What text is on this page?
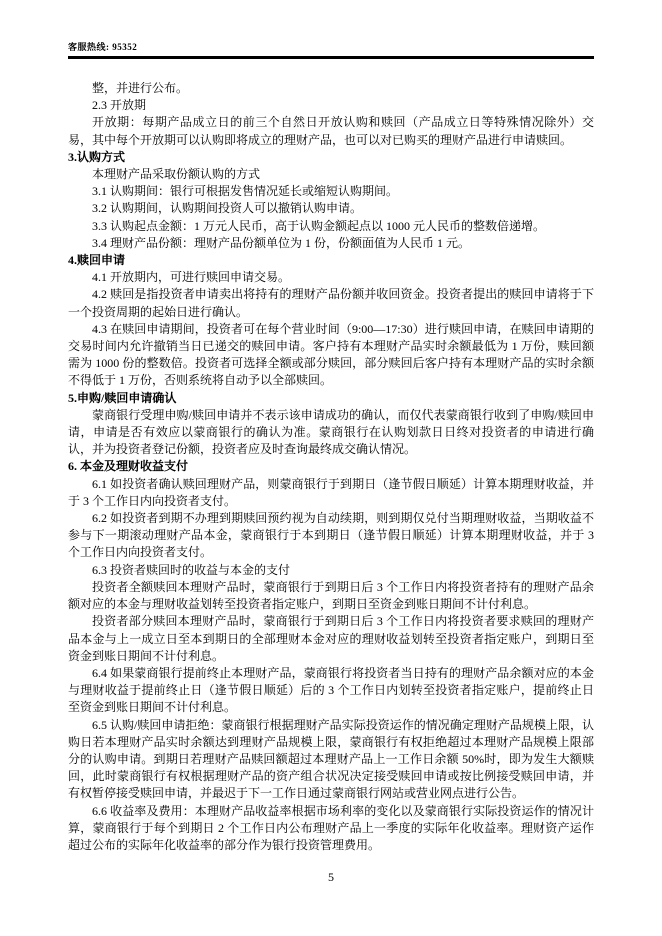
客服热线: 95352

整，并进行公布。

2.3 开放期

开放期：每期产品成立日的前三个自然日开放认购和赎回（产品成立日等特殊情况除外）交易，其中每个开放期可以认购即将成立的理财产品，也可以对已购买的理财产品进行申请赎回。

3.认购方式

本理财产品采取份额认购的方式

3.1 认购期间：银行可根据发售情况延长或缩短认购期间。

3.2 认购期间，认购期间投资人可以撤销认购申请。

3.3 认购起点金额：1 万元人民币，高于认购金额起点以 1000 元人民币的整数倍递增。

3.4 理财产品份额：理财产品份额单位为 1 份，份额面值为人民币 1 元。

4.赎回申请

4.1 开放期内，可进行赎回申请交易。

4.2 赎回是指投资者申请卖出将持有的理财产品份额并收回资金。投资者提出的赎回申请将于下一个投资周期的起始日进行确认。

4.3 在赎回申请期间，投资者可在每个营业时间（9:00—17:30）进行赎回申请，在赎回申请期的交易时间内允许撤销当日已递交的赎回申请。客户持有本理财产品实时余额最低为 1 万份，赎回额需为 1000 份的整数倍。投资者可选择全额或部分赎回，部分赎回后客户持有本理财产品的实时余额不得低于 1 万份，否则系统将自动予以全部赎回。

5.申购/赎回申请确认

蒙商银行受理申购/赎回申请并不表示该申请成功的确认，而仅代表蒙商银行收到了申购/赎回申请，申请是否有效应以蒙商银行的确认为准。蒙商银行在认购划款日日终对投资者的申请进行确认，并为投资者登记份额，投资者应及时查询最终成交确认情况。

6. 本金及理财收益支付

6.1 如投资者确认赎回理财产品，则蒙商银行于到期日（逢节假日顺延）计算本期理财收益，并于 3 个工作日内向投资者支付。

6.2 如投资者到期不办理到期赎回预约视为自动续期，则到期仅兑付当期理财收益，当期收益不参与下一期滚动理财产品本金，蒙商银行于本到期日（逢节假日顺延）计算本期理财收益，并于 3 个工作日内向投资者支付。

6.3 投资者赎回时的收益与本金的支付

投资者全额赎回本理财产品时，蒙商银行于到期日后 3 个工作日内将投资者持有的理财产品余额对应的本金与理财收益划转至投资者指定账户，到期日至资金到账日期间不计付利息。

投资者部分赎回本理财产品时，蒙商银行于到期日后 3 个工作日内将投资者要求赎回的理财产品本金与上一成立日至本到期日的全部理财本金对应的理财收益划转至投资者指定账户，到期日至资金到账日期间不计付利息。

6.4 如果蒙商银行提前终止本理财产品，蒙商银行将投资者当日持有的理财产品余额对应的本金与理财收益于提前终止日（逢节假日顺延）后的 3 个工作日内划转至投资者指定账户，提前终止日至资金到账日期间不计付利息。

6.5 认购/赎回申请拒绝：蒙商银行根据理财产品实际投资运作的情况确定理财产品规模上限，认购日若本理财产品实时余额达到理财产品规模上限，蒙商银行有权拒绝超过本理财产品规模上限部分的认购申请。到期日若理财产品赎回额超过本理财产品上一工作日余额 50%时，即为发生大额赎回，此时蒙商银行有权根据理财产品的资产组合状况决定接受赎回申请或按比例接受赎回申请，并有权暂停接受赎回申请，并最迟于下一工作日通过蒙商银行网站或营业网点进行公告。

6.6 收益率及费用：本理财产品收益率根据市场利率的变化以及蒙商银行实际投资运作的情况计算，蒙商银行于每个到期日 2 个工作日内公布理财产品上一季度的实际年化收益率。理财资产运作超过公布的实际年化收益率的部分作为银行投资管理费用。

5
